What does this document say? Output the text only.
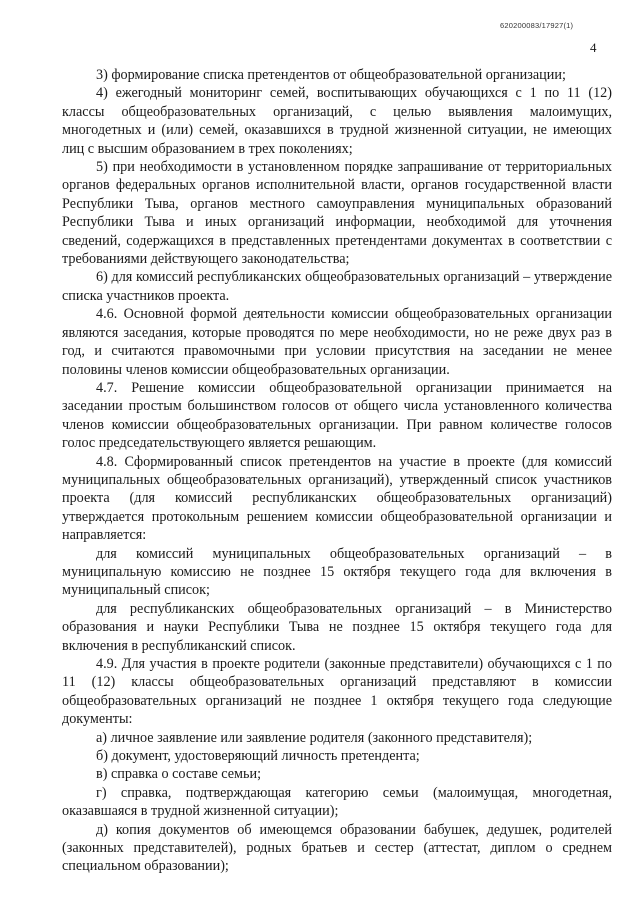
620200083/17927(1)
4

3) формирование списка претендентов от общеобразовательной организации;

4) ежегодный мониторинг семей, воспитывающих обучающихся с 1 по 11 (12) классы общеобразовательных организаций, с целью выявления малоимущих, многодетных и (или) семей, оказавшихся в трудной жизненной ситуации, не имеющих лиц с высшим образованием в трех поколениях;

5) при необходимости в установленном порядке запрашивание от территориальных органов федеральных органов исполнительной власти, органов государственной власти Республики Тыва, органов местного самоуправления муниципальных образований Республики Тыва и иных организаций информации, необходимой для уточнения сведений, содержащихся в представленных претендентами документах в соответствии с требованиями действующего законодательства;

6) для комиссий республиканских общеобразовательных организаций – утверждение списка участников проекта.

4.6. Основной формой деятельности комиссии общеобразовательных организации являются заседания, которые проводятся по мере необходимости, но не реже двух раз в год, и считаются правомочными при условии присутствия на заседании не менее половины членов комиссии общеобразовательных организации.

4.7. Решение комиссии общеобразовательной организации принимается на заседании простым большинством голосов от общего числа установленного количества членов комиссии общеобразовательных организации. При равном количестве голосов голос председательствующего является решающим.

4.8. Сформированный список претендентов на участие в проекте (для комиссий муниципальных общеобразовательных организаций), утвержденный список участников проекта (для комиссий республиканских общеобразовательных организаций) утверждается протокольным решением комиссии общеобразовательной организации и направляется:

для комиссий муниципальных общеобразовательных организаций – в муниципальную комиссию не позднее 15 октября текущего года для включения в муниципальный список;

для республиканских общеобразовательных организаций – в Министерство образования и науки Республики Тыва не позднее 15 октября текущего года для включения в республиканский список.

4.9. Для участия в проекте родители (законные представители) обучающихся с 1 по 11 (12) классы общеобразовательных организаций представляют в комиссии общеобразовательных организаций не позднее 1 октября текущего года следующие документы:

а) личное заявление или заявление родителя (законного представителя);

б) документ, удостоверяющий личность претендента;

в) справка о составе семьи;

г) справка, подтверждающая категорию семьи (малоимущая, многодетная, оказавшаяся в трудной жизненной ситуации);

д) копия документов об имеющемся образовании бабушек, дедушек, родителей (законных представителей), родных братьев и сестер (аттестат, диплом о среднем специальном образовании);
